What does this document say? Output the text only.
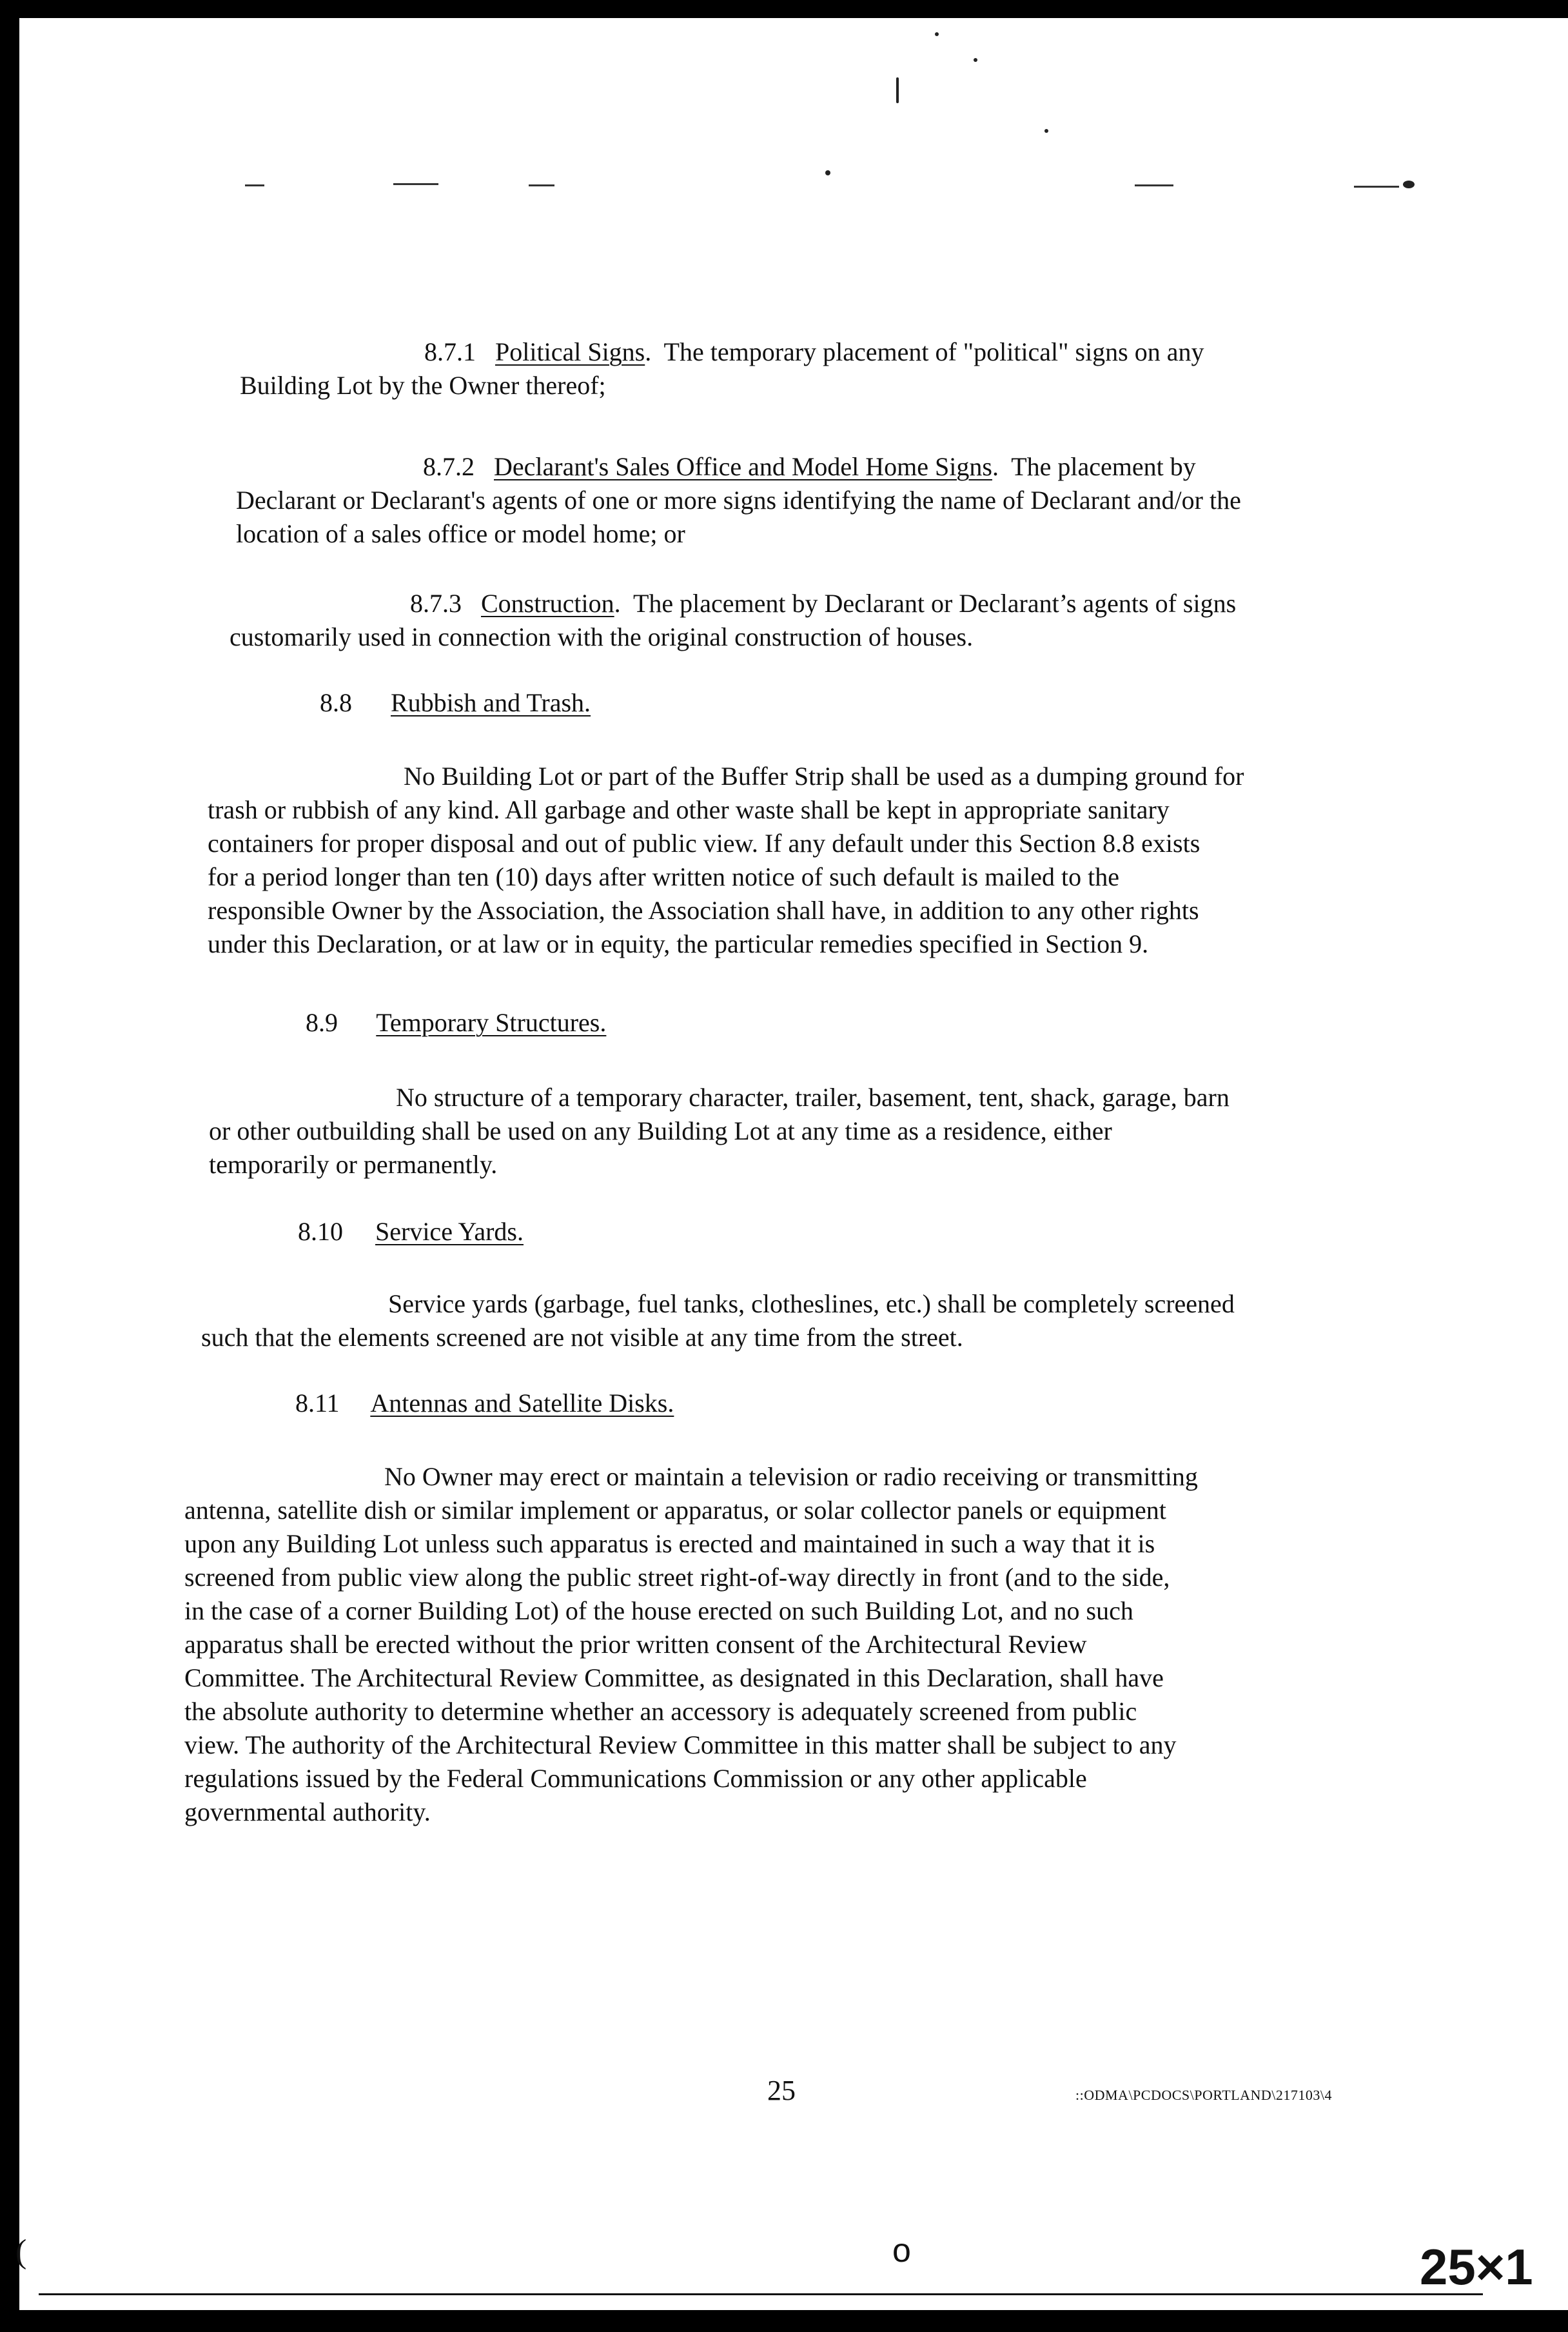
8.7.1 Political Signs.  The temporary placement of "political" signs on any
Building Lot by the Owner thereof;
8.7.2 Declarant's Sales Office and Model Home Signs.  The placement by
Declarant or Declarant's agents of one or more signs identifying the name of Declarant and/or the
location of a sales office or model home; or
8.7.3 Construction.  The placement by Declarant or Declarant’s agents of signs
customarily used in connection with the original construction of houses.
8.8 Rubbish and Trash.
No Building Lot or part of the Buffer Strip shall be used as a dumping ground for
trash or rubbish of any kind. All garbage and other waste shall be kept in appropriate sanitary
containers for proper disposal and out of public view. If any default under this Section 8.8 exists
for a period longer than ten (10) days after written notice of such default is mailed to the
responsible Owner by the Association, the Association shall have, in addition to any other rights
under this Declaration, or at law or in equity, the particular remedies specified in Section 9.
8.9 Temporary Structures.
No structure of a temporary character, trailer, basement, tent, shack, garage, barn
or other outbuilding shall be used on any Building Lot at any time as a residence, either
temporarily or permanently.
8.10 Service Yards.
Service yards (garbage, fuel tanks, clotheslines, etc.) shall be completely screened
such that the elements screened are not visible at any time from the street.
8.11 Antennas and Satellite Disks.
No Owner may erect or maintain a television or radio receiving or transmitting
antenna, satellite dish or similar implement or apparatus, or solar collector panels or equipment
upon any Building Lot unless such apparatus is erected and maintained in such a way that it is
screened from public view along the public street right-of-way directly in front (and to the side,
in the case of a corner Building Lot) of the house erected on such Building Lot, and no such
apparatus shall be erected without the prior written consent of the Architectural Review
Committee. The Architectural Review Committee, as designated in this Declaration, shall have
the absolute authority to determine whether an accessory is adequately screened from public
view. The authority of the Architectural Review Committee in this matter shall be subject to any
regulations issued by the Federal Communications Commission or any other applicable
governmental authority.
25	::ODMA\PCDOCS\PORTLAND\217103\4
(	o	25×1
